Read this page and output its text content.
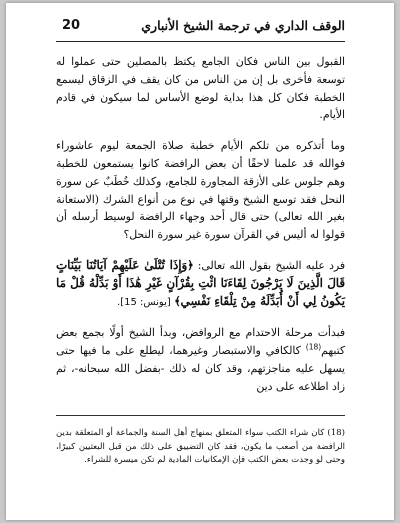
الوقف الداري في ترجمة الشيخ الأنباري
20

القبول بين الناس فكان الجامع يكتظ بالمصلين حتى عملوا له توسعة فأخرى بل إن من الناس من كان يقف في الزقاق ليسمع الخطبة فكان كل هذا بداية لوضع الأساس لما سيكون في قادم الأيام.

وما أتذكره من تلكم الأيام خطبة صلاة الجمعة ليوم عاشوراء فوالله قد علمنا لاحقًا أن بعض الرافضة كانوا يستمعون للخطبة وهم جلوس على الأزقة المجاورة للجامع، وكذلك خُطَبٌ عن سورة النحل فقد توسع الشيخ وقتها في نوع من أنواع الشرك (الاستعانة بغير الله تعالى) حتى قال أحد وجهاء الرافضة لوسيط أرسله أن قولوا له أليس في القرآن سورة غير سورة النحل؟

فرد عليه الشيخ بقول الله تعالى: ﴿وَإِذَا تُتْلَىٰ عَلَيْهِمْ آيَاتُنَا بَيِّنَاتٍ قَالَ الَّذِينَ لَا يَرْجُونَ لِقَاءَنَا ائْتِ بِقُرْآنٍ غَيْرِ هَٰذَا أَوْ بَدِّلْهُ قُلْ مَا يَكُونُ لِي أَنْ أُبَدِّلَهُ مِنْ تِلْقَاءِ نَفْسِي﴾ [يونس: 15].

فبدأت مرحلة الاحتدام مع الروافض، وبدأ الشيخ أولًا بجمع بعض كتبهم$^{(18)}$ كالكافي والاستبصار وغيرهما، ليطلع على ما فيها حتى يسهل عليه مناجزتهم، وقد كان له ذلك -بفضل الله سبحانه-، ثم زاد اطلاعه على دين

(18) كان شراء الكتب سواء المتعلق بمنهاج أهل السنة والجماعة أو المتعلقة بدين الرافضة من أصعب ما يكون، فقد كان التضييق على ذلك من قبل البعثيين كبيرًا، وحتى لو وجدت بعض الكتب فإن الإمكانيات المادية لم تكن ميسرة للشراء.
